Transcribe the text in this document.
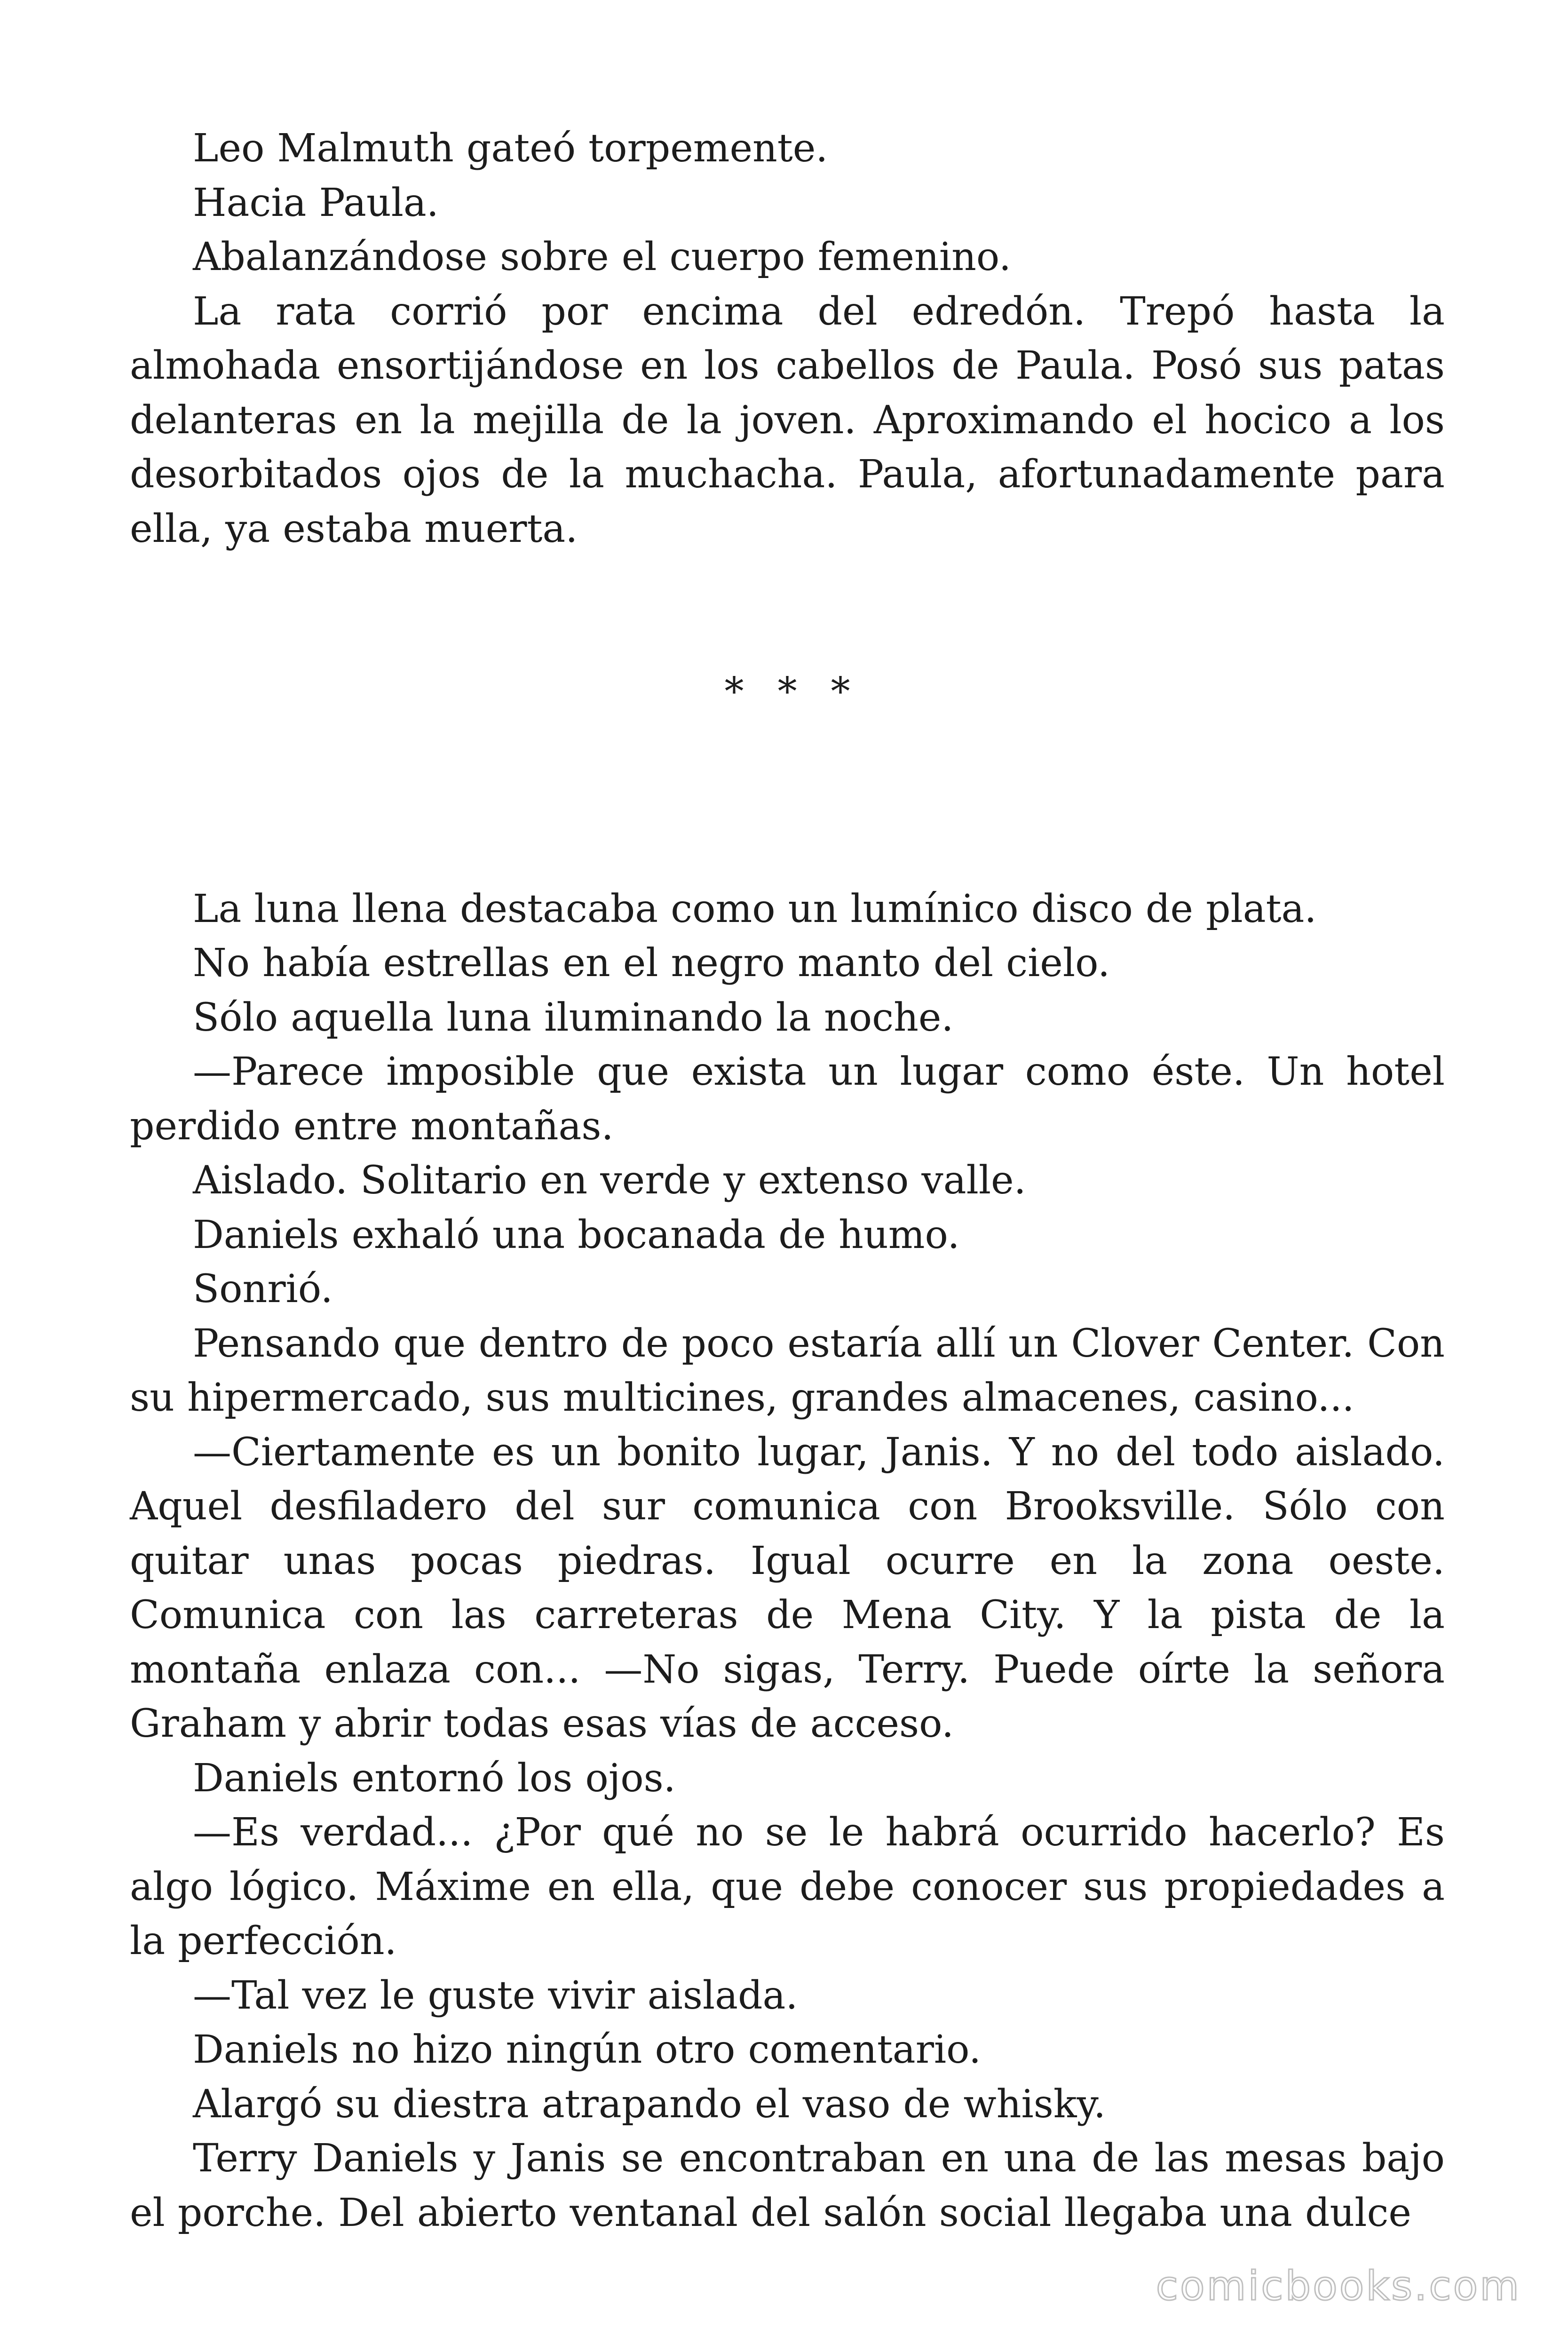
Leo Malmuth gateó torpemente.

Hacia Paula.

Abalanzándose sobre el cuerpo femenino.

La rata corrió por encima del edredón. Trepó hasta la almohada ensortijándose en los cabellos de Paula. Posó sus patas delanteras en la mejilla de la joven. Aproximando el hocico a los desorbitados ojos de la muchacha. Paula, afortunadamente para ella, ya estaba muerta.

* * *

La luna llena destacaba como un lumínico disco de plata.

No había estrellas en el negro manto del cielo.

Sólo aquella luna iluminando la noche.

—Parece imposible que exista un lugar como éste. Un hotel perdido entre montañas.

Aislado. Solitario en verde y extenso valle.

Daniels exhaló una bocanada de humo.

Sonrió.

Pensando que dentro de poco estaría allí un Clover Center. Con su hipermercado, sus multicines, grandes almacenes, casino...

—Ciertamente es un bonito lugar, Janis. Y no del todo aislado. Aquel desfiladero del sur comunica con Brooksville. Sólo con quitar unas pocas piedras. Igual ocurre en la zona oeste. Comunica con las carreteras de Mena City. Y la pista de la montaña enlaza con... —No sigas, Terry. Puede oírte la señora Graham y abrir todas esas vías de acceso.

Daniels entornó los ojos.

—Es verdad... ¿Por qué no se le habrá ocurrido hacerlo? Es algo lógico. Máxime en ella, que debe conocer sus propiedades a la perfección.

—Tal vez le guste vivir aislada.

Daniels no hizo ningún otro comentario.

Alargó su diestra atrapando el vaso de whisky.

Terry Daniels y Janis se encontraban en una de las mesas bajo el porche. Del abierto ventanal del salón social llegaba una dulce

comicbooks.com
